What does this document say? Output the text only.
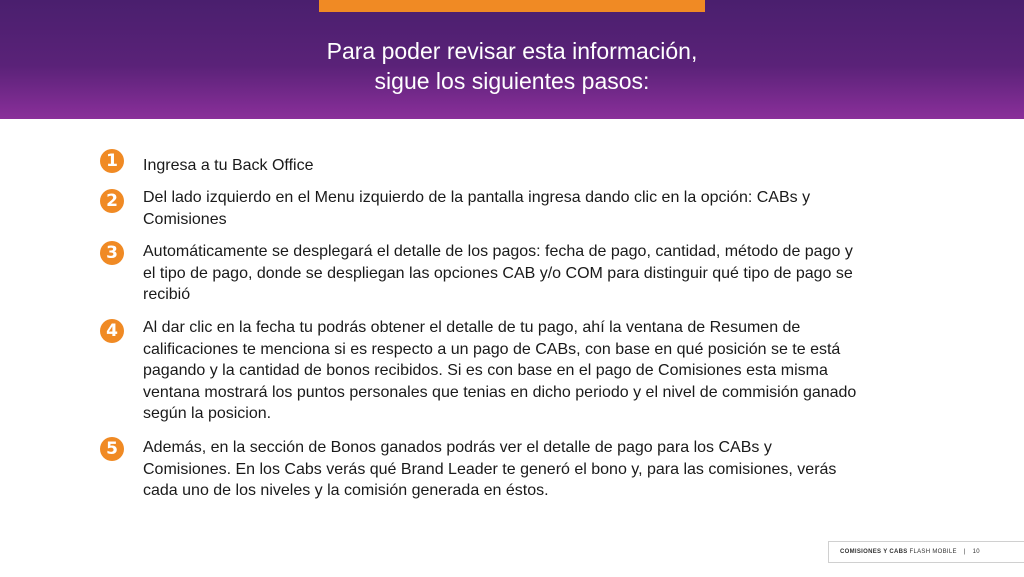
Para poder revisar esta información,
sigue los siguientes pasos:
1	Ingresa a tu Back Office
2	Del lado izquierdo en el Menu izquierdo de la pantalla ingresa dando clic en la opción: CABs y Comisiones
3	Automáticamente se desplegará el detalle de los pagos: fecha de pago, cantidad, método de pago y el tipo de pago, donde se despliegan las opciones CAB y/o COM para distinguir qué tipo de pago se recibió
4	Al dar clic en la fecha tu podrás obtener el detalle de tu pago, ahí la ventana de Resumen de calificaciones te menciona si es respecto a un pago de CABs, con base en qué posición se te está pagando y la cantidad de bonos recibidos. Si es con base en el pago de Comisiones esta misma ventana mostrará los puntos personales que tenias en dicho periodo y el nivel de commisión ganado según la posicion.
5	Además, en la sección de Bonos ganados podrás ver el detalle de pago para los CABs y Comisiones. En los Cabs verás qué Brand Leader te generó el bono y, para las comisiones, verás cada uno de los niveles y la comisión generada en éstos.
COMISIONES Y CABS FLASH MOBILE | 10
